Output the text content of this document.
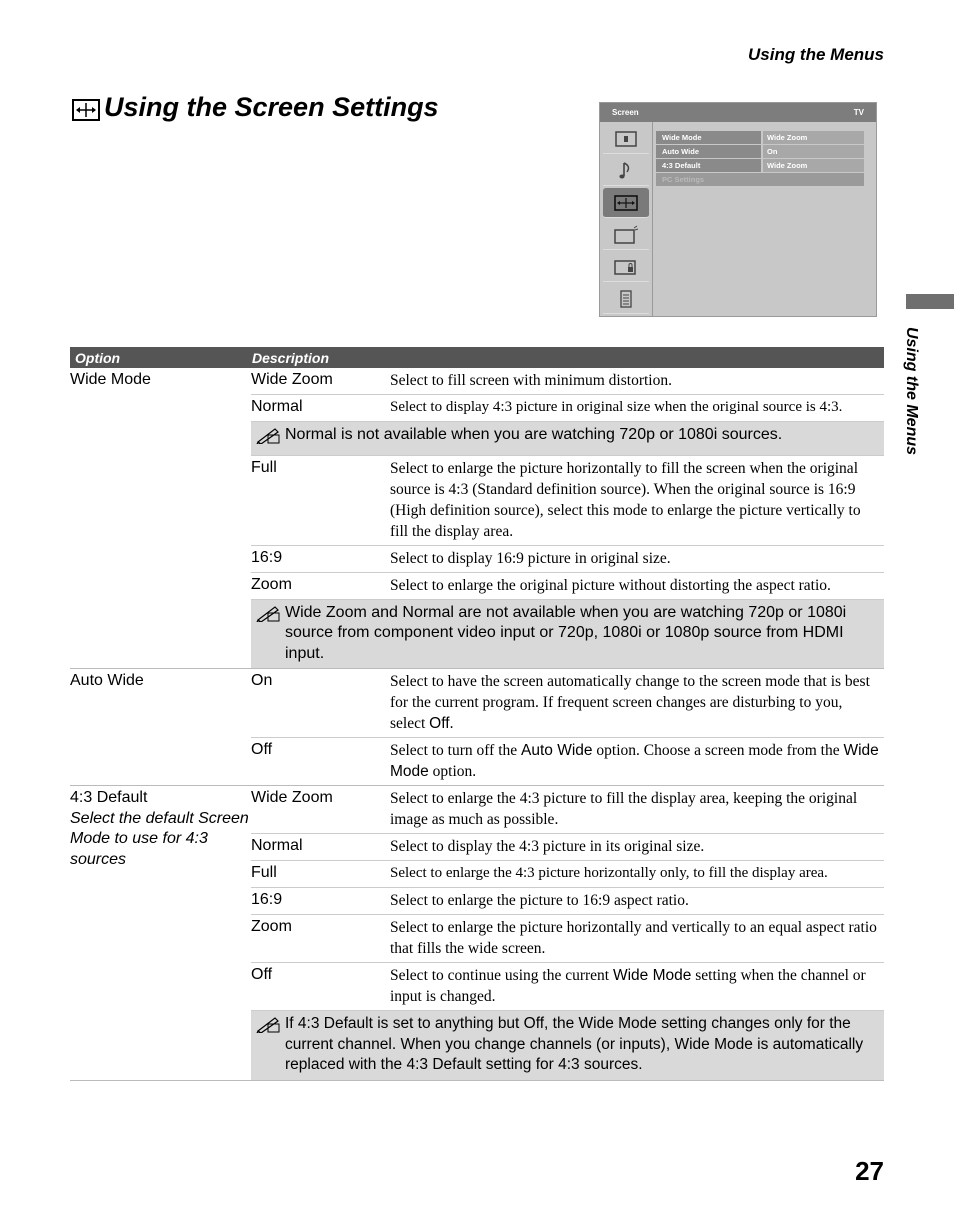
Using the Menus
Using the Screen Settings	Screen	TV
Wide Mode	Wide Zoom
Auto Wide	On
4:3 Default	Wide Zoom
PC Settings
Using the Menus
Option	Description
Wide Mode	Wide Zoom	Select to fill screen with minimum distortion.
Normal	Select to display 4:3 picture in original size when the original source is 4:3.
Normal is not available when you are watching 720p or 1080i sources.
Full	Select to enlarge the picture horizontally to fill the screen when the original source is 4:3 (Standard definition source). When the original source is 16:9 (High definition source), select this mode to enlarge the picture vertically to fill the display area.
16:9	Select to display 16:9 picture in original size.
Zoom	Select to enlarge the original picture without distorting the aspect ratio.
Wide Zoom and Normal are not available when you are watching 720p or 1080i source from component video input or 720p, 1080i or 1080p source from HDMI input.
Auto Wide	On	Select to have the screen automatically change to the screen mode that is best for the current program. If frequent screen changes are disturbing to you, select Off.
Off	Select to turn off the Auto Wide option. Choose a screen mode from the Wide Mode option.
4:3 Default
Select the default Screen Mode to use for 4:3 sources
Wide Zoom	Select to enlarge the 4:3 picture to fill the display area, keeping the original image as much as possible.
Normal	Select to display the 4:3 picture in its original size.
Full	Select to enlarge the 4:3 picture horizontally only, to fill the display area.
16:9	Select to enlarge the picture to 16:9 aspect ratio.
Zoom	Select to enlarge the picture horizontally and vertically to an equal aspect ratio that fills the wide screen.
Off	Select to continue using the current Wide Mode setting when the channel or input is changed.
If 4:3 Default is set to anything but Off, the Wide Mode setting changes only for the current channel. When you change channels (or inputs), Wide Mode is automatically replaced with the 4:3 Default setting for 4:3 sources.
27
